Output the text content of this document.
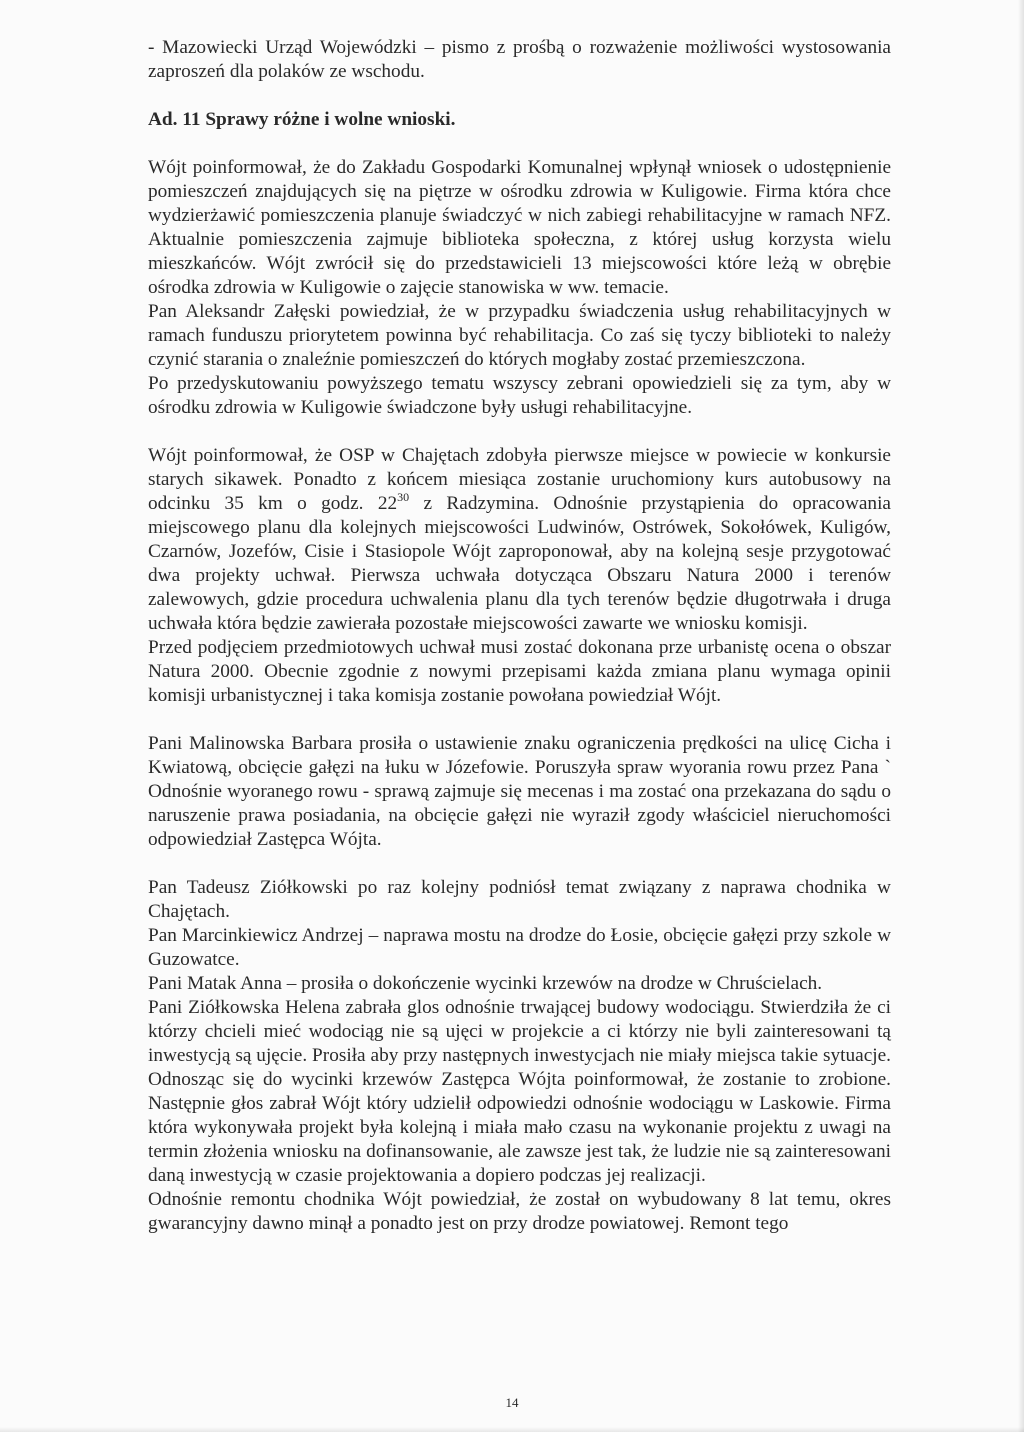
- Mazowiecki Urząd Wojewódzki – pismo z prośbą o rozważenie możliwości wystosowania zaproszeń dla polaków ze wschodu.

Ad. 11 Sprawy różne i wolne wnioski.

Wójt poinformował, że do Zakładu Gospodarki Komunalnej wpłynął wniosek o udostępnienie pomieszczeń znajdujących się na piętrze w ośrodku zdrowia w Kuligowie. Firma która chce wydzierżawić pomieszczenia planuje świadczyć w nich zabiegi rehabilitacyjne w ramach NFZ. Aktualnie pomieszczenia zajmuje biblioteka społeczna, z której usług korzysta wielu mieszkańców. Wójt zwrócił się do przedstawicieli 13 miejscowości które leżą w obrębie ośrodka zdrowia w Kuligowie o zajęcie stanowiska w ww. temacie.

Pan Aleksandr Załęski powiedział, że w przypadku świadczenia usług rehabilitacyjnych w ramach funduszu priorytetem powinna być rehabilitacja. Co zaś się tyczy biblioteki to należy czynić starania o znaleźnie pomieszczeń do których mogłaby zostać przemieszczona.

Po przedyskutowaniu powyższego tematu wszyscy zebrani opowiedzieli się za tym, aby w ośrodku zdrowia w Kuligowie świadczone były usługi rehabilitacyjne.

Wójt poinformował, że OSP w Chajętach zdobyła pierwsze miejsce w powiecie w konkursie starych sikawek. Ponadto z końcem miesiąca zostanie uruchomiony kurs autobusowy na odcinku 35 km o godz. $22^{30}$ z Radzymina. Odnośnie przystąpienia do opracowania miejscowego planu dla kolejnych miejscowości Ludwinów, Ostrówek, Sokołówek, Kuligów, Czarnów, Jozefów, Cisie i Stasiopole Wójt zaproponował, aby na kolejną sesje przygotować dwa projekty uchwał. Pierwsza uchwała dotycząca Obszaru Natura 2000 i terenów zalewowych, gdzie procedura uchwalenia planu dla tych terenów będzie długotrwała i druga uchwała która będzie zawierała pozostałe miejscowości zawarte we wniosku komisji.

Przed podjęciem przedmiotowych uchwał musi zostać dokonana prze urbanistę ocena o obszar Natura 2000. Obecnie zgodnie z nowymi przepisami każda zmiana planu wymaga opinii komisji urbanistycznej i taka komisja zostanie powołana powiedział Wójt.

Pani Malinowska Barbara prosiła o ustawienie znaku ograniczenia prędkości na ulicę Cicha i Kwiatową, obcięcie gałęzi na łuku w Józefowie. Poruszyła spraw wyorania rowu przez Pana ` Odnośnie wyoranego rowu - sprawą zajmuje się mecenas i ma zostać ona przekazana do sądu o naruszenie prawa posiadania, na obcięcie gałęzi nie wyraził zgody właściciel nieruchomości odpowiedział Zastępca Wójta.

Pan Tadeusz Ziółkowski po raz kolejny podniósł temat związany z naprawa chodnika w Chajętach.

Pan Marcinkiewicz Andrzej – naprawa mostu na drodze do Łosie, obcięcie gałęzi przy szkole w Guzowatce.

Pani Matak Anna – prosiła o dokończenie wycinki krzewów na drodze w Chruścielach.

Pani Ziółkowska Helena zabrała glos odnośnie trwającej budowy wodociągu. Stwierdziła że ci którzy chcieli mieć wodociąg nie są ujęci w projekcie a ci którzy nie byli zainteresowani tą inwestycją są ujęcie. Prosiła aby przy następnych inwestycjach nie miały miejsca takie sytuacje. Odnosząc się do wycinki krzewów Zastępca Wójta poinformował, że zostanie to zrobione. Następnie głos zabrał Wójt który udzielił odpowiedzi odnośnie wodociągu w Laskowie. Firma która wykonywała projekt była kolejną i miała mało czasu na wykonanie projektu z uwagi na termin złożenia wniosku na dofinansowanie, ale zawsze jest tak, że ludzie nie są zainteresowani daną inwestycją w czasie projektowania a dopiero podczas jej realizacji.

Odnośnie remontu chodnika Wójt powiedział, że został on wybudowany 8 lat temu, okres gwarancyjny dawno minął a ponadto jest on przy drodze powiatowej. Remont tego

14
